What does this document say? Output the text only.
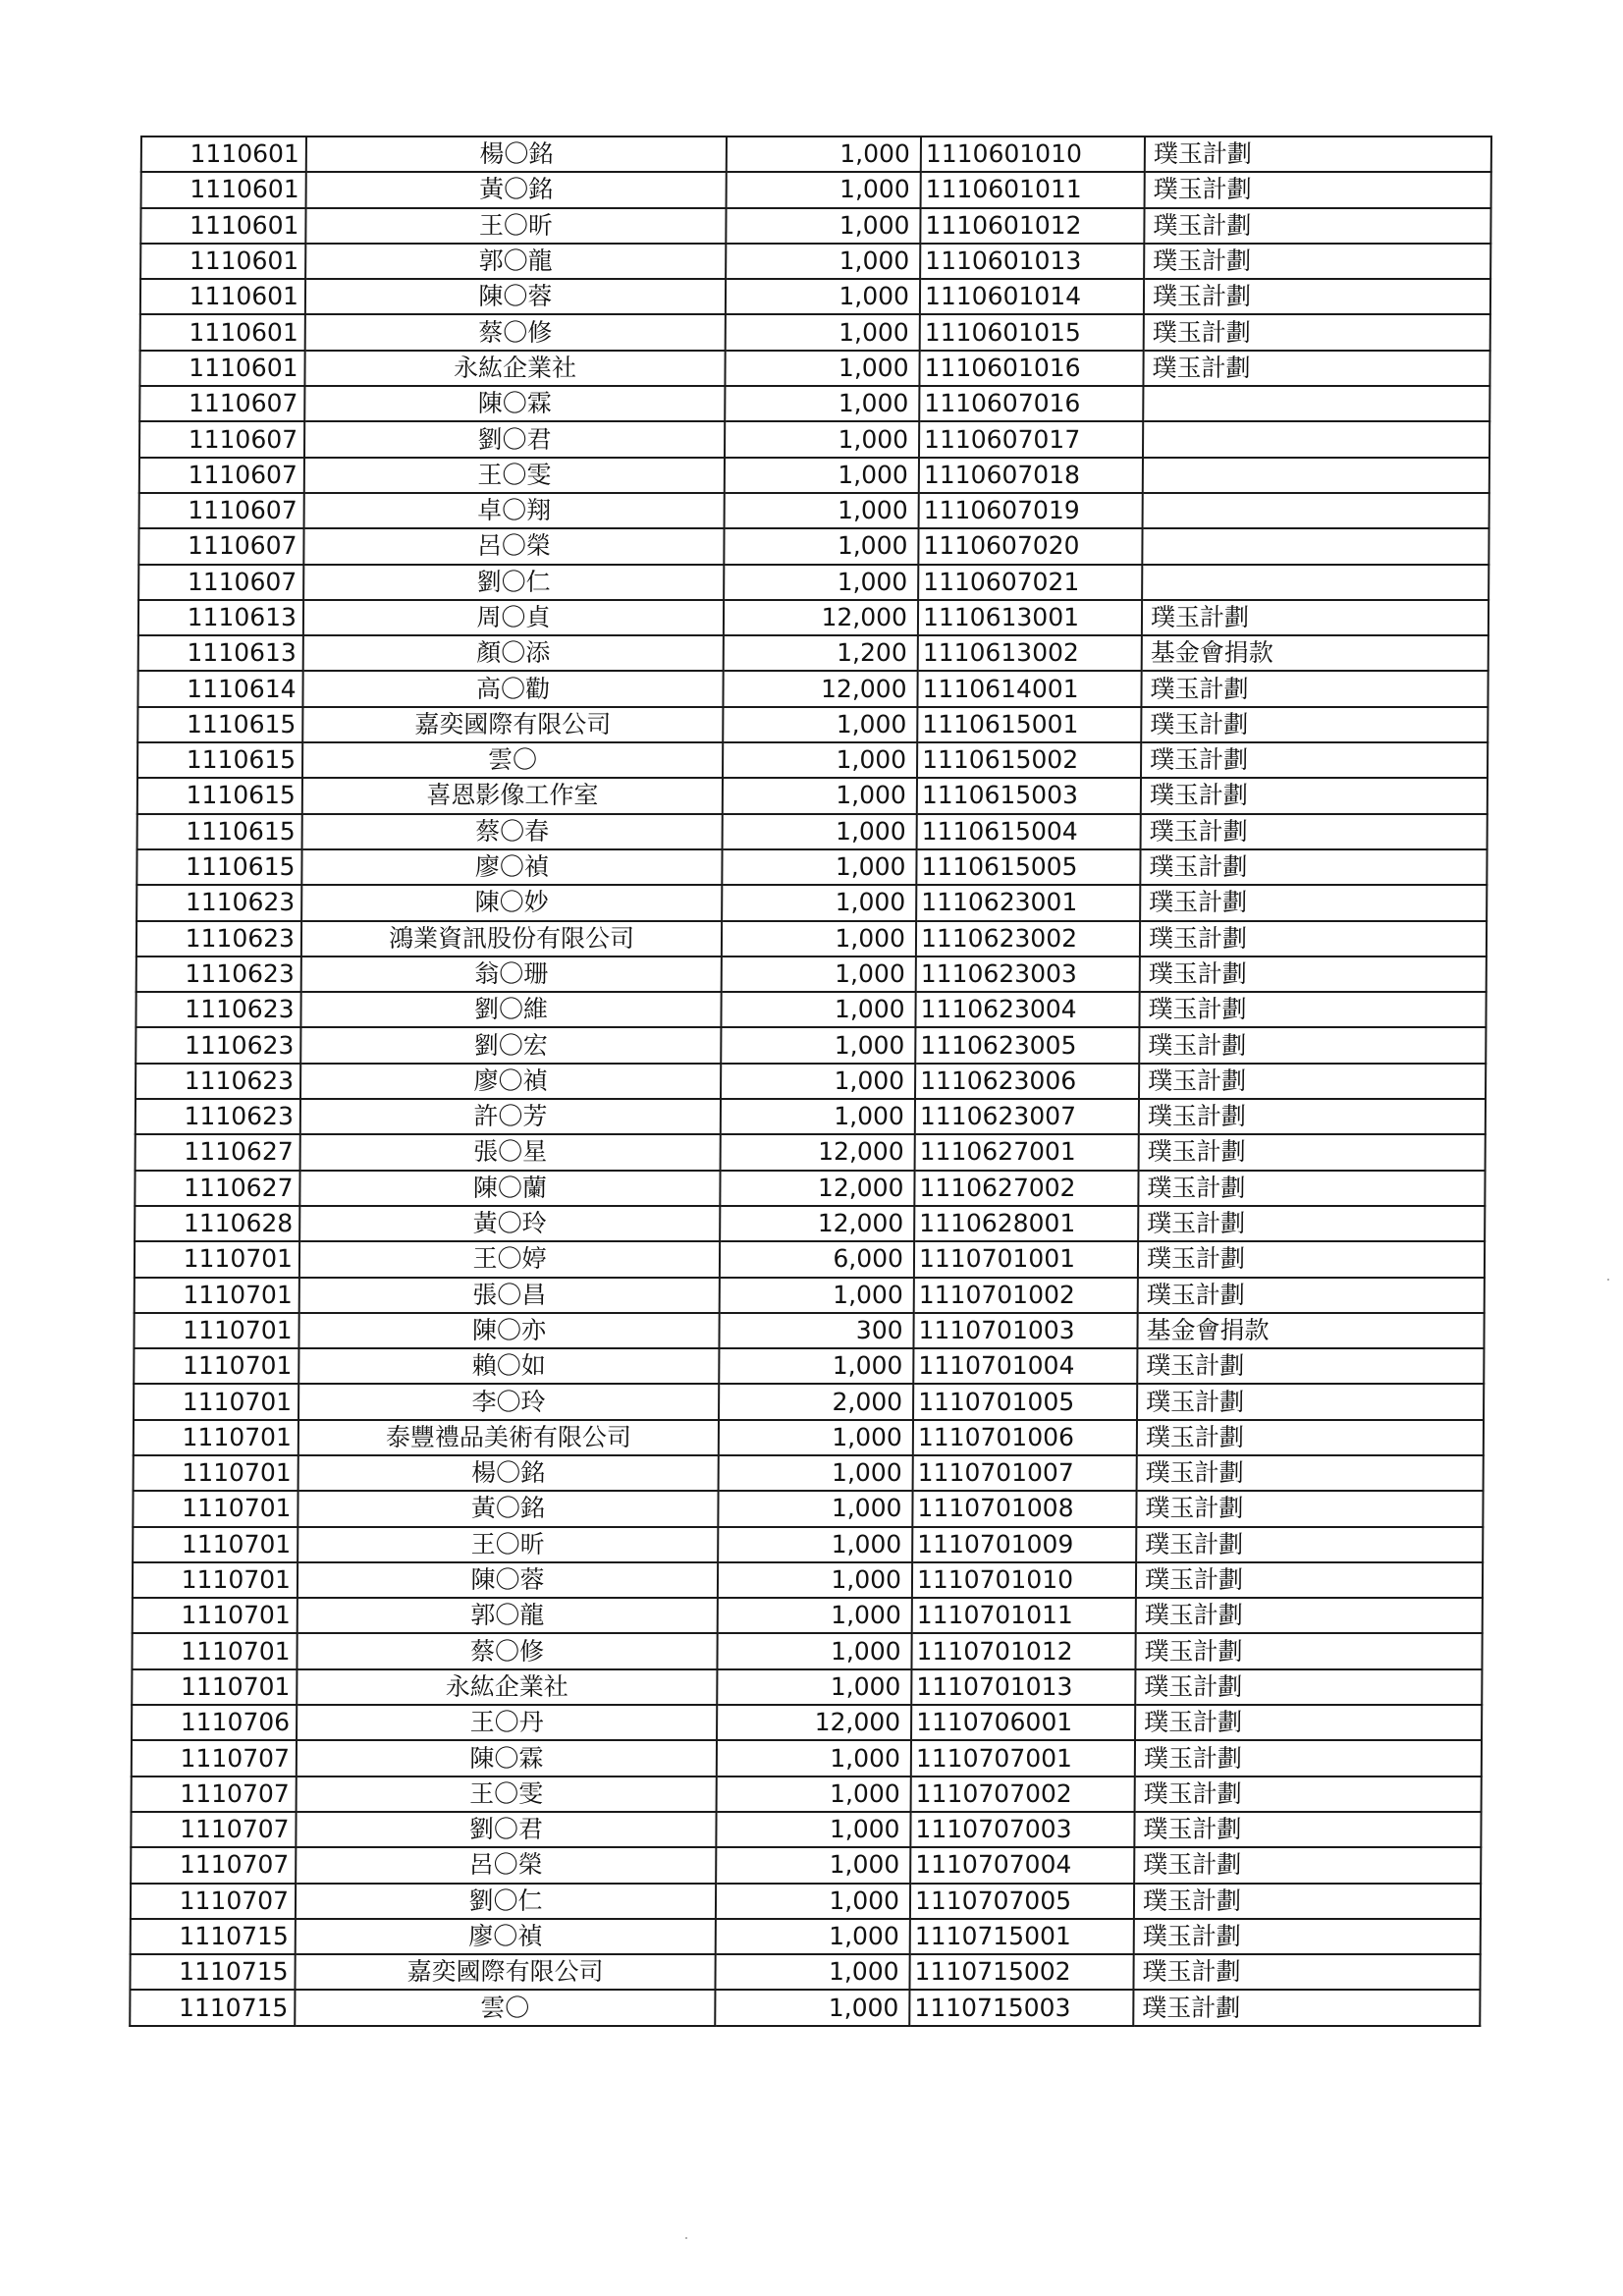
1110601	楊〇銘	1,000	1110601010	璞玉計劃
1110601	黃〇銘	1,000	1110601011	璞玉計劃
1110601	王〇昕	1,000	1110601012	璞玉計劃
1110601	郭〇龍	1,000	1110601013	璞玉計劃
1110601	陳〇蓉	1,000	1110601014	璞玉計劃
1110601	蔡〇修	1,000	1110601015	璞玉計劃
1110601	永紘企業社	1,000	1110601016	璞玉計劃
1110607	陳〇霖	1,000	1110607016	
1110607	劉〇君	1,000	1110607017	
1110607	王〇雯	1,000	1110607018	
1110607	卓〇翔	1,000	1110607019	
1110607	呂〇榮	1,000	1110607020	
1110607	劉〇仁	1,000	1110607021	
1110613	周〇貞	12,000	1110613001	璞玉計劃
1110613	顏〇添	1,200	1110613002	基金會捐款
1110614	高〇勸	12,000	1110614001	璞玉計劃
1110615	嘉奕國際有限公司	1,000	1110615001	璞玉計劃
1110615	雲〇	1,000	1110615002	璞玉計劃
1110615	喜恩影像工作室	1,000	1110615003	璞玉計劃
1110615	蔡〇春	1,000	1110615004	璞玉計劃
1110615	廖〇禎	1,000	1110615005	璞玉計劃
1110623	陳〇妙	1,000	1110623001	璞玉計劃
1110623	鴻業資訊股份有限公司	1,000	1110623002	璞玉計劃
1110623	翁〇珊	1,000	1110623003	璞玉計劃
1110623	劉〇維	1,000	1110623004	璞玉計劃
1110623	劉〇宏	1,000	1110623005	璞玉計劃
1110623	廖〇禎	1,000	1110623006	璞玉計劃
1110623	許〇芳	1,000	1110623007	璞玉計劃
1110627	張〇星	12,000	1110627001	璞玉計劃
1110627	陳〇蘭	12,000	1110627002	璞玉計劃
1110628	黃〇玲	12,000	1110628001	璞玉計劃
1110701	王〇婷	6,000	1110701001	璞玉計劃
1110701	張〇昌	1,000	1110701002	璞玉計劃
1110701	陳〇亦	300	1110701003	基金會捐款
1110701	賴〇如	1,000	1110701004	璞玉計劃
1110701	李〇玲	2,000	1110701005	璞玉計劃
1110701	泰豐禮品美術有限公司	1,000	1110701006	璞玉計劃
1110701	楊〇銘	1,000	1110701007	璞玉計劃
1110701	黃〇銘	1,000	1110701008	璞玉計劃
1110701	王〇昕	1,000	1110701009	璞玉計劃
1110701	陳〇蓉	1,000	1110701010	璞玉計劃
1110701	郭〇龍	1,000	1110701011	璞玉計劃
1110701	蔡〇修	1,000	1110701012	璞玉計劃
1110701	永紘企業社	1,000	1110701013	璞玉計劃
1110706	王〇丹	12,000	1110706001	璞玉計劃
1110707	陳〇霖	1,000	1110707001	璞玉計劃
1110707	王〇雯	1,000	1110707002	璞玉計劃
1110707	劉〇君	1,000	1110707003	璞玉計劃
1110707	呂〇榮	1,000	1110707004	璞玉計劃
1110707	劉〇仁	1,000	1110707005	璞玉計劃
1110715	廖〇禎	1,000	1110715001	璞玉計劃
1110715	嘉奕國際有限公司	1,000	1110715002	璞玉計劃
1110715	雲〇	1,000	1110715003	璞玉計劃
